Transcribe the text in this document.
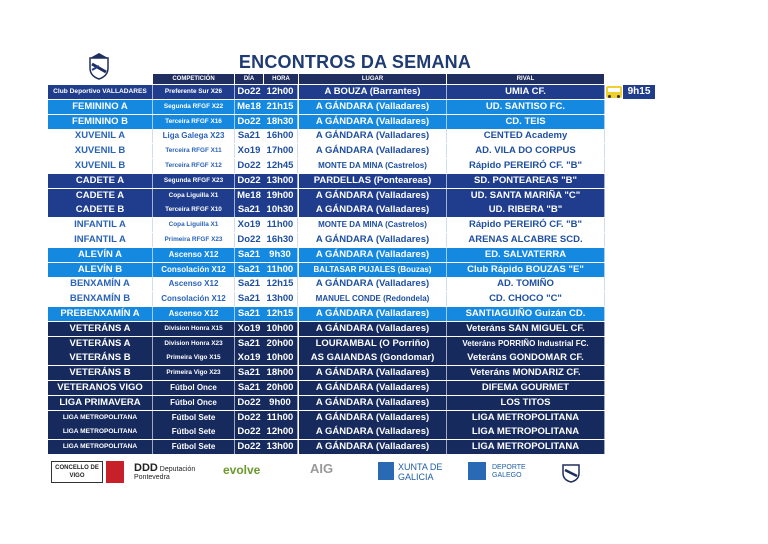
ENCONTROS DA SEMANA
COMPETICIÓN	DÍA	HORA	LUGAR	RIVAL
Club Deportivo VALLADARES	Preferente Sur X26	Do22 12h00	A BOUZA (Barrantes)	UMIA CF.
FEMININO A	Segunda RFGF X22	Me18 21h15	A GÁNDARA (Valladares)	UD. SANTISO FC.
FEMININO B	Terceira RFGF X16	Do22 18h30	A GÁNDARA (Valladares)	CD. TEIS
XUVENIL A	Liga Galega X23	Sa21 16h00	A GÁNDARA (Valladares)	CENTED Academy
XUVENIL B	Terceira RFGF X11	Xo19 17h00	A GÁNDARA (Valladares)	AD. VILA DO CORPUS
XUVENIL B	Terceira RFGF X12	Do22 12h45	MONTE DA MINA (Castrelos)	Rápido PEREIRÓ CF. "B"
CADETE A	Segunda RFGF X23	Do22 13h00	PARDELLAS (Ponteareas)	SD. PONTEAREAS "B"
CADETE A	Copa Liguilla X1	Me18 19h00	A GÁNDARA (Valladares)	UD. SANTA MARIÑA "C"
CADETE B	Terceira RFGF X10	Sa21 10h30	A GÁNDARA (Valladares)	UD. RIBERA "B"
INFANTIL A	Copa Liguilla X1	Xo19 11h00	MONTE DA MINA (Castrelos)	Rápido PEREIRÓ CF. "B"
INFANTIL A	Primeira RFGF X23	Do22 16h30	A GÁNDARA (Valladares)	ARENAS ALCABRE SCD.
ALEVÍN A	Ascenso X12	Sa21 9h30	A GÁNDARA (Valladares)	ED. SALVATERRA
ALEVÍN B	Consolación X12	Sa21 11h00	BALTASAR PUJALES (Bouzas)	Club Rápido BOUZAS "E"
BENXAMÍN A	Ascenso X12	Sa21 12h15	A GÁNDARA (Valladares)	AD. TOMIÑO
BENXAMÍN B	Consolación X12	Sa21 13h00	MANUEL CONDE (Redondela)	CD. CHOCO "C"
PREBENXAMÍN A	Ascenso X12	Sa21 12h15	A GÁNDARA (Valladares)	SANTIAGUIÑO Guizán CD.
VETERÁNS A	Division Honra X15	Xo19 10h00	A GÁNDARA (Valladares)	Veteráns SAN MIGUEL CF.
VETERÁNS A	Division Honra X23	Sa21 20h00	LOURAMBAL (O Porriño)	Veteráns PORRIÑO Industrial FC.
VETERÁNS B	Primeira Vigo X15	Xo19 10h00	AS GAIANDAS (Gondomar)	Veteráns GONDOMAR CF.
VETERÁNS B	Primeira Vigo X23	Sa21 18h00	A GÁNDARA (Valladares)	Veteráns MONDARIZ CF.
VETERANOS VIGO	Fútbol Once	Sa21 20h00	A GÁNDARA (Valladares)	DIFEMA GOURMET
LIGA PRIMAVERA	Fútbol Once	Do22 9h00	A GÁNDARA (Valladares)	LOS TITOS
LIGA METROPOLITANA	Fútbol Sete	Do22 11h00	A GÁNDARA (Valladares)	LIGA METROPOLITANA
LIGA METROPOLITANA	Fútbol Sete	Do22 12h00	A GÁNDARA (Valladares)	LIGA METROPOLITANA
LIGA METROPOLITANA	Fútbol Sete	Do22 13h00	A GÁNDARA (Valladares)	LIGA METROPOLITANA
9h15
CONCELLO DE VIGO
DDD Deputación Pontevedra
evolve	AIG	XUNTA DE GALICIA
DEPORTE GALEGO
